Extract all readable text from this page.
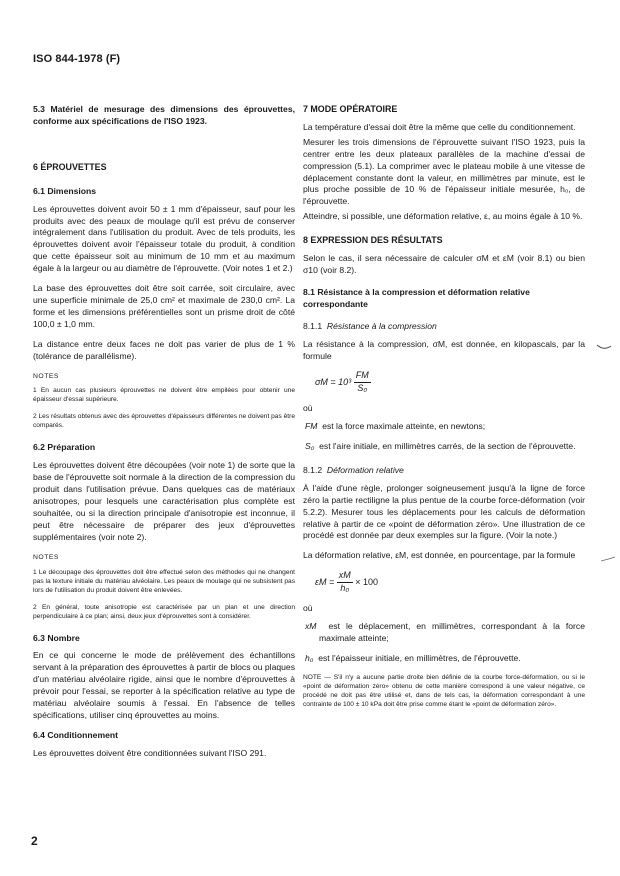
ISO 844-1978 (F)

5.3 Matériel de mesurage des dimensions des éprouvettes, conforme aux spécifications de l'ISO 1923.

6 ÉPROUVETTES
6.1 Dimensions

Les éprouvettes doivent avoir 50 ± 1 mm d'épaisseur, sauf pour les produits avec des peaux de moulage qu'il est prévu de conserver intégralement dans l'utilisation du produit. Avec de tels produits, les éprouvettes doivent avoir l'épaisseur totale du produit, à condition que cette épaisseur soit au minimum de 10 mm et au maximum égale à la largeur ou au diamètre de l'éprouvette. (Voir notes 1 et 2.)

La base des éprouvettes doit être soit carrée, soit circulaire, avec une superficie minimale de 25,0 cm² et maximale de 230,0 cm². La forme et les dimensions préférentielles sont un prisme droit de côté 100,0 ± 1,0 mm.

La distance entre deux faces ne doit pas varier de plus de 1 % (tolérance de parallélisme).

NOTES

1 En aucun cas plusieurs éprouvettes ne doivent être empilées pour obtenir une épaisseur d'essai supérieure.

2 Les résultats obtenus avec des éprouvettes d'épaisseurs différentes ne doivent pas être comparés.

6.2 Préparation

Les éprouvettes doivent être découpées (voir note 1) de sorte que la base de l'éprouvette soit normale à la direction de la compression du produit dans l'utilisation prévue. Dans quelques cas de matériaux anisotropes, pour lesquels une caractérisation plus complète est souhaitée, ou si la direction principale d'anisotropie est inconnue, il peut être nécessaire de préparer des jeux d'éprouvettes supplémentaires (voir note 2).

NOTES

1 Le découpage des éprouvettes doit être effectué selon des méthodes qui ne changent pas la texture initiale du matériau alvéolaire. Les peaux de moulage qui ne subsistent pas lors de l'utilisation du produit doivent être enlevées.

2 En général, toute anisotropie est caractérisée par un plan et une direction perpendiculaire à ce plan; ainsi, deux jeux d'éprouvettes sont à considérer.

6.3 Nombre

En ce qui concerne le mode de prélèvement des échantillons servant à la préparation des éprouvettes à partir de blocs ou plaques d'un matériau alvéolaire rigide, ainsi que le nombre d'éprouvettes à prévoir pour l'essai, se reporter à la spécification relative au type de matériau alvéolaire soumis à l'essai. En l'absence de telles spécifications, utiliser cinq éprouvettes au moins.

6.4 Conditionnement

Les éprouvettes doivent être conditionnées suivant l'ISO 291.

7 MODE OPÉRATOIRE

La température d'essai doit être la même que celle du conditionnement.

Mesurer les trois dimensions de l'éprouvette suivant l'ISO 1923, puis la centrer entre les deux plateaux parallèles de la machine d'essai de compression (5.1). La comprimer avec le plateau mobile à une vitesse de déplacement constante dont la valeur, en millimètres par minute, est le plus proche possible de 10 % de l'épaisseur initiale mesurée, h₀, de l'éprouvette.

Atteindre, si possible, une déformation relative, ε, au moins égale à 10 %.

8 EXPRESSION DES RÉSULTATS

Selon le cas, il sera nécessaire de calculer σM et εM (voir 8.1) ou bien σ10 (voir 8.2).

8.1 Résistance à la compression et déformation relative correspondante
8.1.1 Résistance à la compression

La résistance à la compression, σM, est donnée, en kilopascals, par la formule

$\sigma M = 10^3 \frac{FM}{\text{S₀}}$
où

FM est la force maximale atteinte, en newtons;

S₀ est l'aire initiale, en millimètres carrés, de la section de l'éprouvette.

8.1.2 Déformation relative

À l'aide d'une règle, prolonger soigneusement jusqu'à la ligne de force zéro la partie rectiligne la plus pentue de la courbe force-déformation (voir 5.2.2). Mesurer tous les déplacements pour les calculs de déformation relative à partir de ce «point de déformation zéro». Une illustration de ce procédé est donnée par deux exemples sur la figure. (Voir la note.)

La déformation relative, εM, est donnée, en pourcentage, par la formule

$\varepsilon M = \frac{xM}{\text{h₀}} \times 100$
où

xM est le déplacement, en millimètres, correspondant à la force maximale atteinte;

h₀ est l'épaisseur initiale, en millimètres, de l'éprouvette.

NOTE — S'il n'y a aucune partie droite bien définie de la courbe force-déformation, ou si le «point de déformation zéro» obtenu de cette manière correspond à une valeur négative, ce procédé ne doit pas être utilisé et, dans de tels cas, la déformation correspondant à une contrainte de 100 ± 10 kPa doit être prise comme étant le «point de déformation zéro».

2
